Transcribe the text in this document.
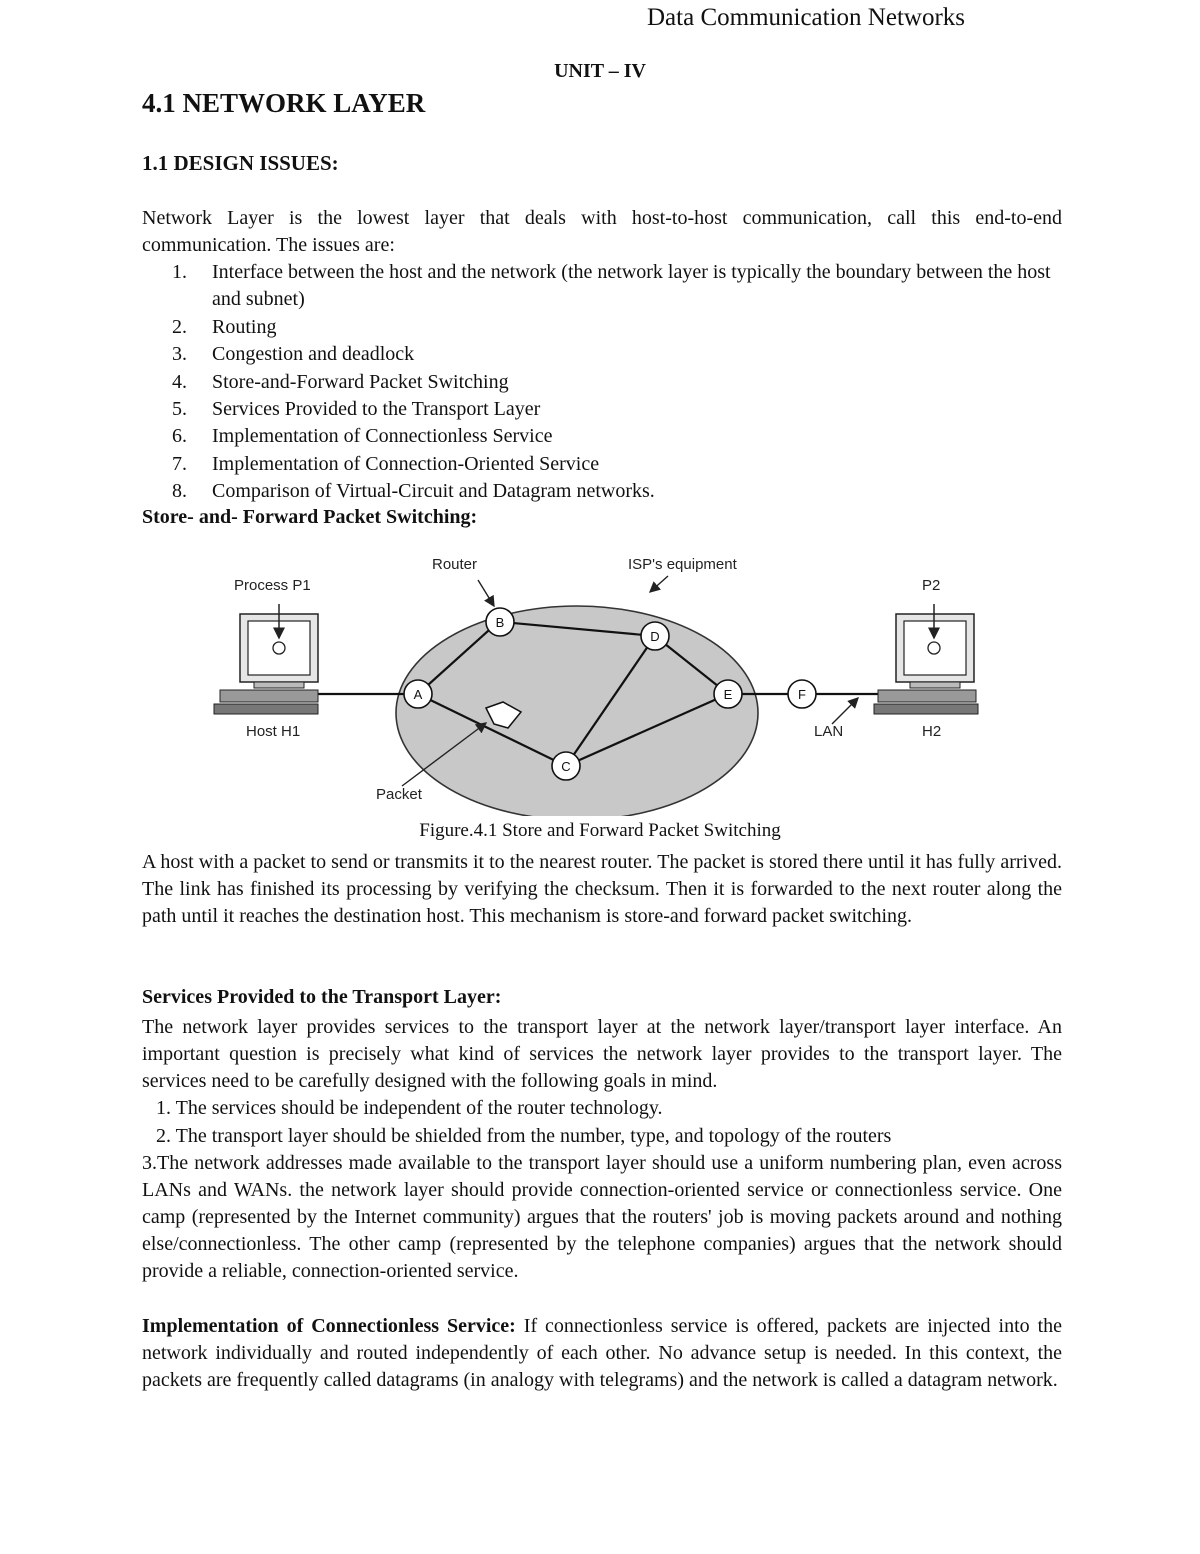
Data Communication Networks
UNIT – IV
4.1 NETWORK LAYER
1.1 DESIGN ISSUES:
Network Layer is the lowest layer that deals with host-to-host communication, call this end-to-end communication. The issues are:
1. Interface between the host and the network (the network layer is typically the boundary between the host and subnet)
2. Routing
3. Congestion and deadlock
4. Store-and-Forward Packet Switching
5. Services Provided to the Transport Layer
6. Implementation of Connectionless Service
7. Implementation of Connection-Oriented Service
8. Comparison of Virtual-Circuit and Datagram networks.
Store- and- Forward Packet Switching:
A
B
C
D
E	F
Process P1
Router	ISP's equipment
P2
Host H1	LAN	H2
Packet
Figure.4.1 Store and Forward Packet Switching
A host with a packet to send or transmits it to the nearest router. The packet is stored there until it has fully arrived. The link has finished its processing by verifying the checksum. Then it is forwarded to the next router along the path until it reaches the destination host. This mechanism is store-and forward packet switching.
Services Provided to the Transport Layer:
The network layer provides services to the transport layer at the network layer/transport layer interface. An important question is precisely what kind of services the network layer provides to the transport layer. The services need to be carefully designed with the following goals in mind.
1. The services should be independent of the router technology.
2. The transport layer should be shielded from the number, type, and topology of the routers
3.The network addresses made available to the transport layer should use a uniform numbering plan, even across LANs and WANs. the network layer should provide connection-oriented service or connectionless service. One camp (represented by the Internet community) argues that the routers' job is moving packets around and nothing else/connectionless. The other camp (represented by the telephone companies) argues that the network should provide a reliable, connection-oriented service.
Implementation of Connectionless Service: If connectionless service is offered, packets are injected into the network individually and routed independently of each other. No advance setup is needed. In this context, the packets are frequently called datagrams (in analogy with telegrams) and the network is called a datagram network.
